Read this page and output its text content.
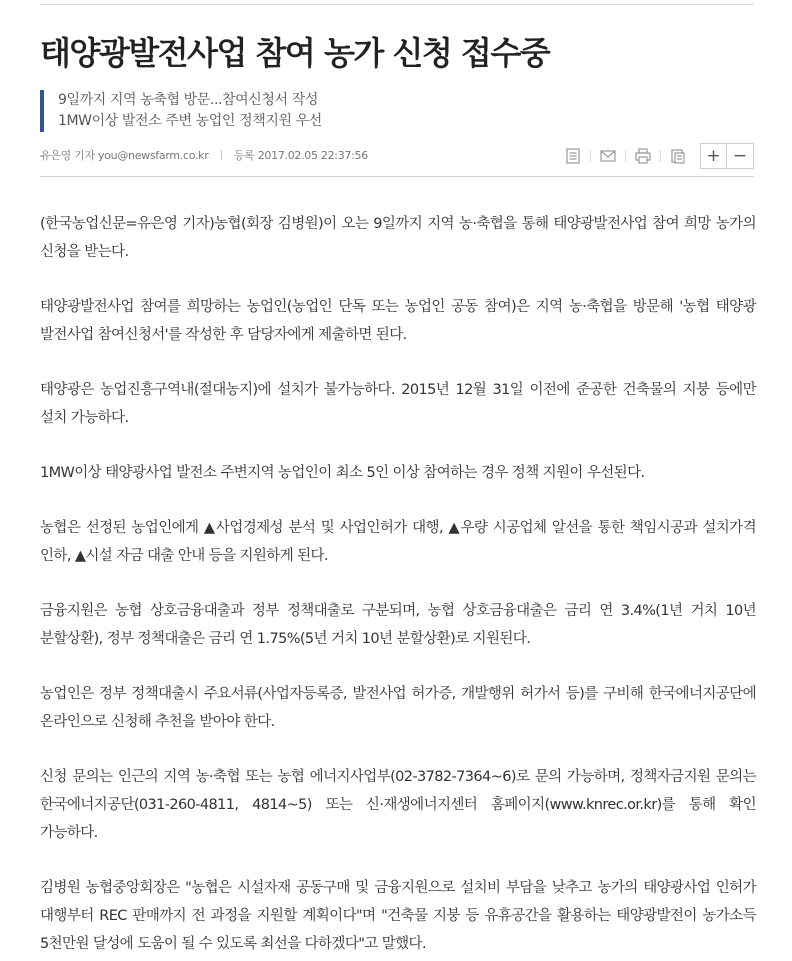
태양광발전사업 참여 농가 신청 접수중
9일까지 지역 농축협 방문...참여신청서 작성
1MW이상 발전소 주변 농업인 정책지원 우선
유은영 기자 you@newsfarm.co.kr 등록 2017.02.05 22:37:56	+ −

(한국농업신문=유은영 기자)농협(회장 김병원)이 오는 9일까지 지역 농·축협을 통해 태양광발전사업 참여 희망 농가의 신청을 받는다.

태양광발전사업 참여를 희망하는 농업인(농업인 단독 또는 농업인 공동 참여)은 지역 농·축협을 방문해 '농협 태양광 발전사업 참여신청서'를 작성한 후 담당자에게 제출하면 된다.

태양광은 농업진흥구역내(절대농지)에 설치가 불가능하다. 2015년 12월 31일 이전에 준공한 건축물의 지붕 등에만 설치 가능하다.

1MW이상 태양광사업 발전소 주변지역 농업인이 최소 5인 이상 참여하는 경우 정책 지원이 우선된다.

농협은 선정된 농업인에게 ▲사업경제성 분석 및 사업인허가 대행, ▲우량 시공업체 알선을 통한 책임시공과 설치가격 인하, ▲시설 자금 대출 안내 등을 지원하게 된다.

금융지원은 농협 상호금융대출과 정부 정책대출로 구분되며, 농협 상호금융대출은 금리 연 3.4%(1년 거치 10년 분할상환), 정부 정책대출은 금리 연 1.75%(5년 거치 10년 분할상환)로 지원된다.

농업인은 정부 정책대출시 주요서류(사업자등록증, 발전사업 허가증, 개발행위 허가서 등)를 구비해 한국에너지공단에 온라인으로 신청해 추천을 받아야 한다.

신청 문의는 인근의 지역 농·축협 또는 농협 에너지사업부(02-3782-7364~6)로 문의 가능하며, 정책자금지원 문의는 한국에너지공단(031-260-4811, 4814~5) 또는 신·재생에너지센터 홈페이지(www.knrec.or.kr)를 통해 확인 가능하다.

김병원 농협중앙회장은 "농협은 시설자재 공동구매 및 금융지원으로 설치비 부담을 낮추고 농가의 태양광사업 인허가 대행부터 REC 판매까지 전 과정을 지원할 계획이다"며 "건축물 지붕 등 유휴공간을 활용하는 태양광발전이 농가소득 5천만원 달성에 도움이 될 수 있도록 최선을 다하겠다"고 말했다.
